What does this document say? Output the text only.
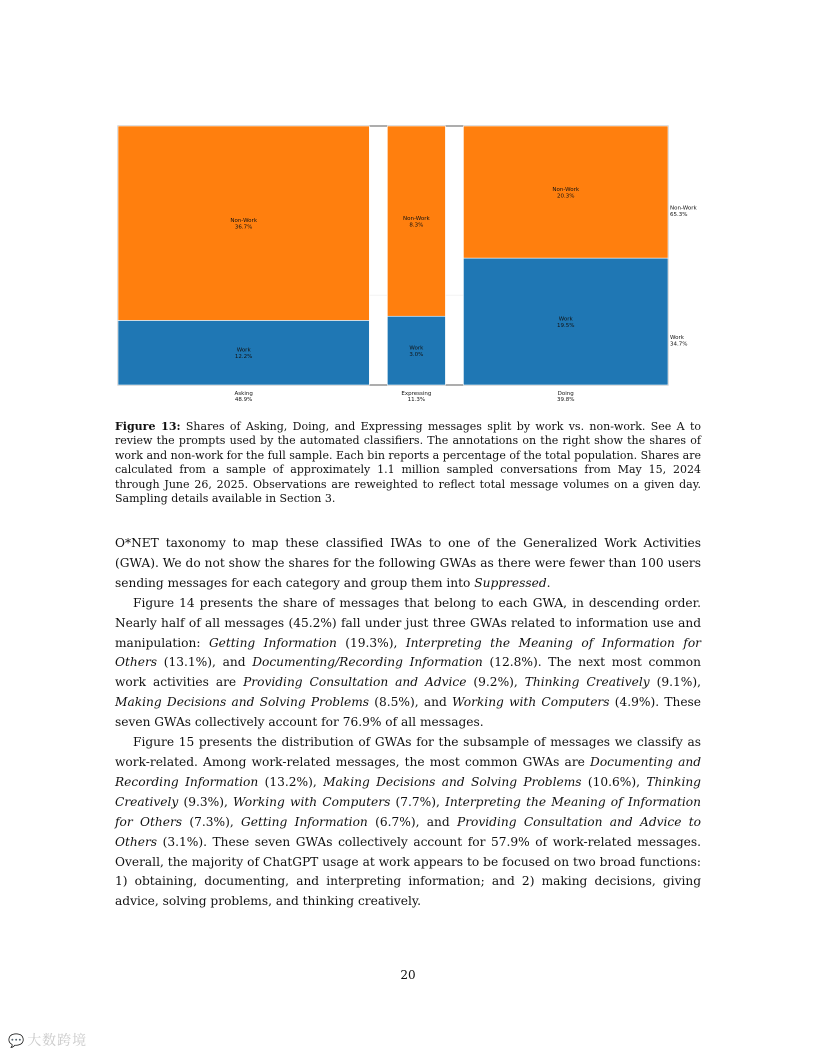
Work
12.2%
Non-Work
36.7%
Work
3.0%
Non-Work
8.3%
Work
19.5%
Non-Work
20.3%
Asking
48.9%
Expressing
11.3%
Doing
39.8%
Non-Work
65.3%
Work
34.7%

Figure 13: Shares of Asking, Doing, and Expressing messages split by work vs. non-work. See A to review the prompts used by the automated classifiers. The annotations on the right show the shares of work and non-work for the full sample. Each bin reports a percentage of the total population. Shares are calculated from a sample of approximately 1.1 million sampled conversations from May 15, 2024 through June 26, 2025. Observations are reweighted to reflect total message volumes on a given day. Sampling details available in Section 3.

O*NET taxonomy to map these classified IWAs to one of the Generalized Work Activities (GWA). We do not show the shares for the following GWAs as there were fewer than 100 users sending messages for each category and group them into Suppressed.

Figure 14 presents the share of messages that belong to each GWA, in descending order. Nearly half of all messages (45.2%) fall under just three GWAs related to information use and manipulation: Getting Information (19.3%), Interpreting the Meaning of Information for Others (13.1%), and Documenting/Recording Information (12.8%). The next most common work activities are Providing Consultation and Advice (9.2%), Thinking Creatively (9.1%), Making Decisions and Solving Problems (8.5%), and Working with Computers (4.9%). These seven GWAs collectively account for 76.9% of all messages.

Figure 15 presents the distribution of GWAs for the subsample of messages we classify as work-related. Among work-related messages, the most common GWAs are Documenting and Recording Information (13.2%), Making Decisions and Solving Problems (10.6%), Thinking Creatively (9.3%), Working with Computers (7.7%), Interpreting the Meaning of Information for Others (7.3%), Getting Information (6.7%), and Providing Consultation and Advice to Others (3.1%). These seven GWAs collectively account for 57.9% of work-related messages. Overall, the majority of ChatGPT usage at work appears to be focused on two broad functions: 1) obtaining, documenting, and interpreting information; and 2) making decisions, giving advice, solving problems, and thinking creatively.

20
💬 大数跨境
